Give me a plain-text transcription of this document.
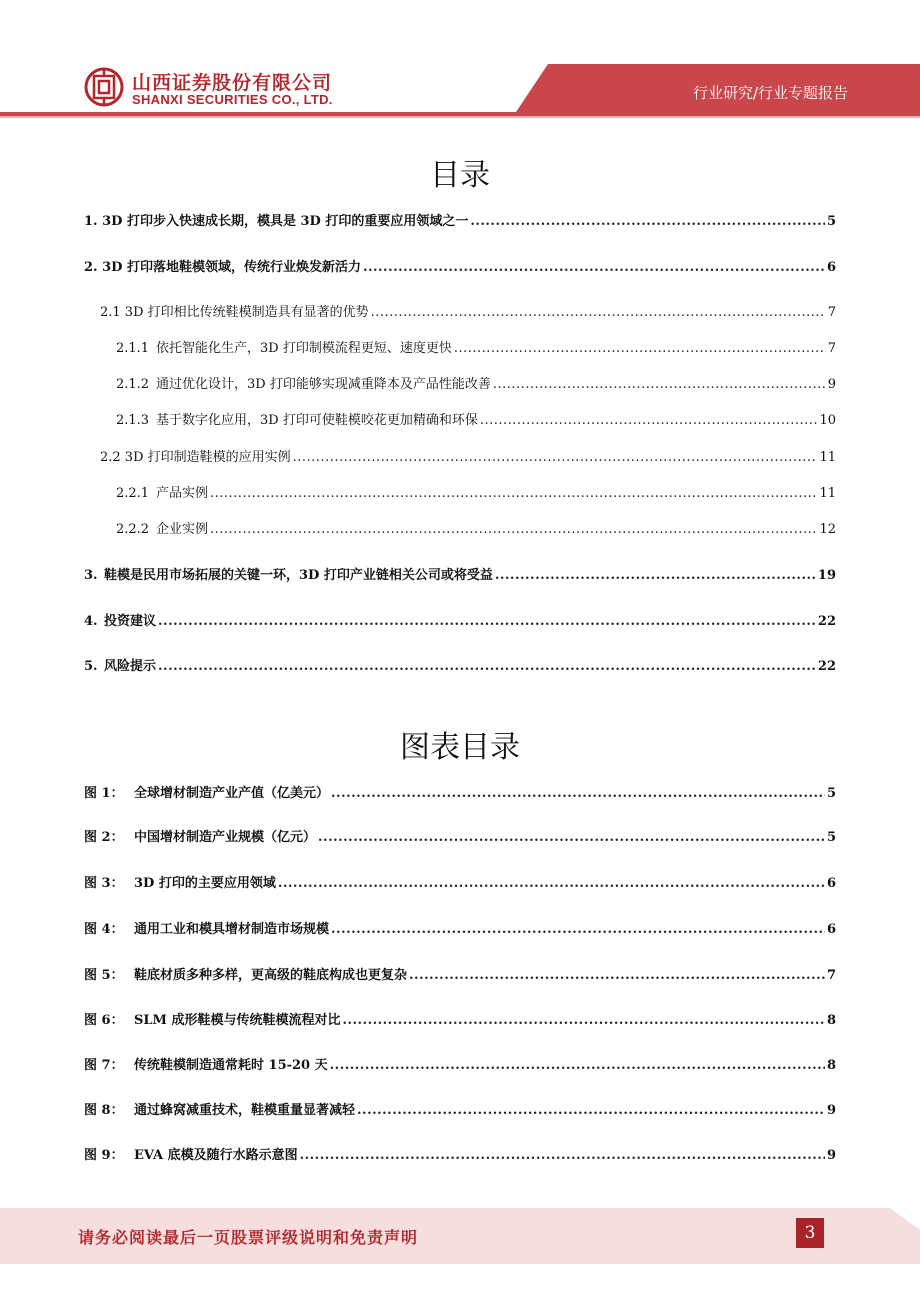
山西证券股份有限公司
SHANXI SECURITIES CO., LTD.	行业研究/行业专题报告
目录
1. 3D 打印步入快速成长期，模具是 3D 打印的重要应用领域之一 .....	5
2. 3D 打印落地鞋模领域，传统行业焕发新活力 .....	6
2.1 3D 打印相比传统鞋模制造具有显著的优势 .....	7
2.1.1 依托智能化生产，3D 打印制模流程更短、速度更快 .....	7
2.1.2 通过优化设计，3D 打印能够实现减重降本及产品性能改善 .....	9
2.1.3 基于数字化应用，3D 打印可使鞋模咬花更加精确和环保 .....	10
2.2 3D 打印制造鞋模的应用实例 .....	11
2.2.1 产品实例 .....	11
2.2.2 企业实例 .....	12
3. 鞋模是民用市场拓展的关键一环，3D 打印产业链相关公司或将受益 .....	19
4. 投资建议 .....	22
5. 风险提示 .....	22
图表目录
图 1： 全球增材制造产业产值（亿美元） .....	5
图 2： 中国增材制造产业规模（亿元） .....	5
图 3： 3D 打印的主要应用领域 .....	6
图 4： 通用工业和模具增材制造市场规模 .....	6
图 5： 鞋底材质多种多样，更高级的鞋底构成也更复杂 .....	7
图 6： SLM 成形鞋模与传统鞋模流程对比 .....	8
图 7： 传统鞋模制造通常耗时 15-20 天 .....	8
图 8： 通过蜂窝减重技术，鞋模重量显著减轻 .....	9
图 9： EVA 底模及随行水路示意图 .....	9
请务必阅读最后一页股票评级说明和免责声明	3
